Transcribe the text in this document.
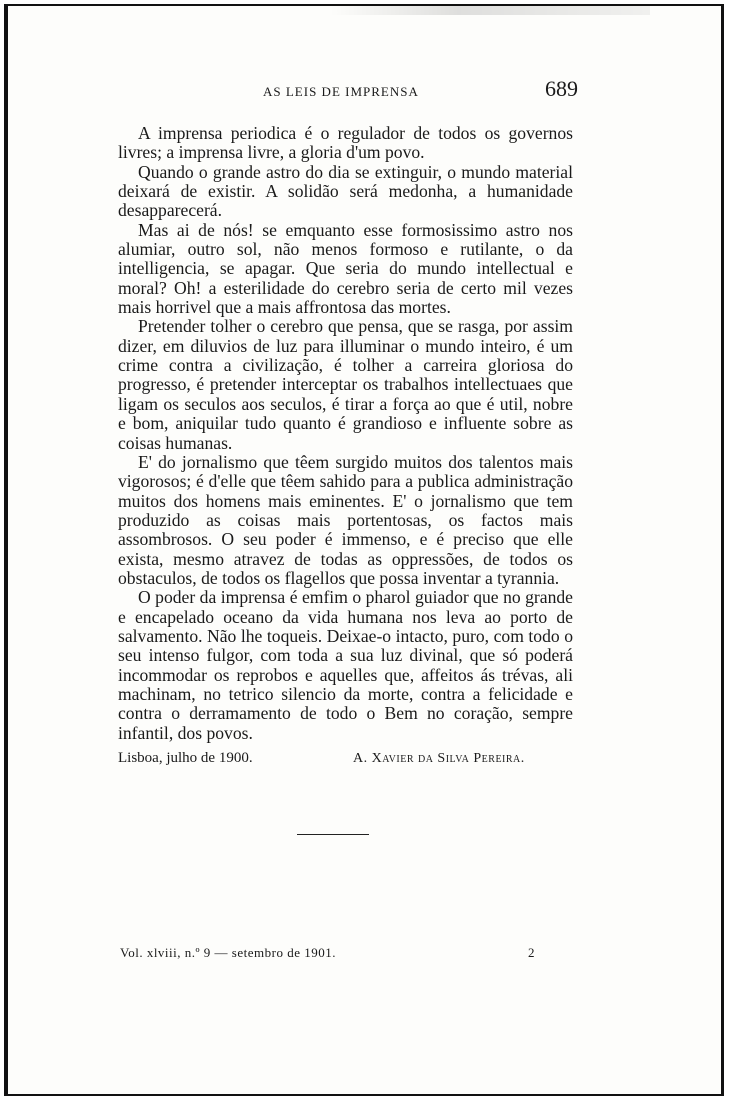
AS LEIS DE IMPRENSA	689

A imprensa periodica é o regulador de todos os governos livres; a imprensa livre, a gloria d'um povo.

Quando o grande astro do dia se extinguir, o mundo material deixará de existir. A solidão será medonha, a humanidade desapparecerá.

Mas ai de nós! se emquanto esse formosissimo astro nos alumiar, outro sol, não menos formoso e rutilante, o da intelligencia, se apagar. Que seria do mundo intellectual e moral? Oh! a esterilidade do cerebro seria de certo mil vezes mais horrivel que a mais affrontosa das mortes.

Pretender tolher o cerebro que pensa, que se rasga, por assim dizer, em diluvios de luz para illuminar o mundo inteiro, é um crime contra a civilização, é tolher a carreira gloriosa do progresso, é pretender interceptar os trabalhos intellectuaes que ligam os seculos aos seculos, é tirar a força ao que é util, nobre e bom, aniquilar tudo quanto é grandioso e influente sobre as coisas humanas.

E' do jornalismo que têem surgido muitos dos talentos mais vigorosos; é d'elle que têem sahido para a publica administração muitos dos homens mais eminentes. E' o jornalismo que tem produzido as coisas mais portentosas, os factos mais assombrosos. O seu poder é immenso, e é preciso que elle exista, mesmo atravez de todas as oppressões, de todos os obstaculos, de todos os flagellos que possa inventar a tyrannia.

O poder da imprensa é emfim o pharol guiador que no grande e encapelado oceano da vida humana nos leva ao porto de salvamento. Não lhe toqueis. Deixae-o intacto, puro, com todo o seu intenso fulgor, com toda a sua luz divinal, que só poderá incommodar os reprobos e aquelles que, affeitos ás trévas, ali machinam, no tetrico silencio da morte, contra a felicidade e contra o derramamento de todo o Bem no coração, sempre infantil, dos povos.

Lisboa, julho de 1900.	A. Xavier da Silva Pereira.
Vol. xlviii, n.º 9 — setembro de 1901.	2
